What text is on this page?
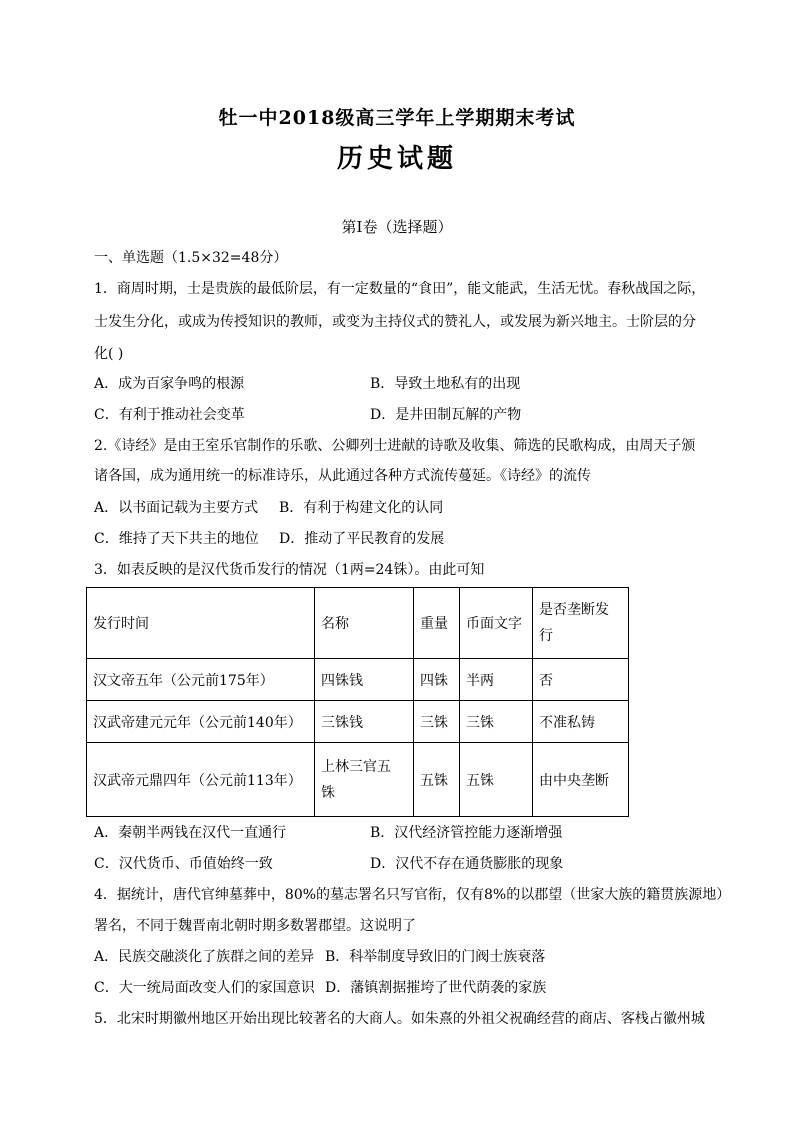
牡一中2018级高三学年上学期期末考试
历史试题
第Ⅰ卷（选择题）
一、单选题（1.5×32=48分）
1．商周时期，士是贵族的最低阶层，有一定数量的“食田”，能文能武，生活无忧。春秋战国之际，
士发生分化，或成为传授知识的教师，或变为主持仪式的赞礼人，或发展为新兴地主。士阶层的分
化( )
A．成为百家争鸣的根源	B．导致土地私有的出现
C．有利于推动社会变革	D．是井田制瓦解的产物
2.《诗经》是由王室乐官制作的乐歌、公卿列士进献的诗歌及收集、筛选的民歌构成，由周天子颁
诸各国，成为通用统一的标准诗乐，从此通过各种方式流传蔓延。《诗经》的流传
A．以书面记载为主要方式 B．有利于构建文化的认同
C．维持了天下共主的地位 D．推动了平民教育的发展
3．如表反映的是汉代货币发行的情况（1两=24铢）。由此可知
发行时间	名称	重量	币面文字	是否垄断发
行
汉文帝五年（公元前175年）	四铢钱	四铢	半两	否
汉武帝建元元年（公元前140年）	三铢钱	三铢	三铢	不准私铸
汉武帝元鼎四年（公元前113年）	上林三官五
铢	五铢	五铢	由中央垄断
A．秦朝半两钱在汉代一直通行	B．汉代经济管控能力逐渐增强
C．汉代货币、币值始终一致	D．汉代不存在通货膨胀的现象
4．据统计，唐代官绅墓葬中，80%的墓志署名只写官衔，仅有8%的以郡望（世家大族的籍贯族源地）
署名，不同于魏晋南北朝时期多数署郡望。这说明了
A．民族交融淡化了族群之间的差异 B．科举制度导致旧的门阀士族衰落
C．大一统局面改变人们的家国意识 D．藩镇割据摧垮了世代荫袭的家族
5．北宋时期徽州地区开始出现比较著名的大商人。如朱熹的外祖父祝确经营的商店、客栈占徽州城
